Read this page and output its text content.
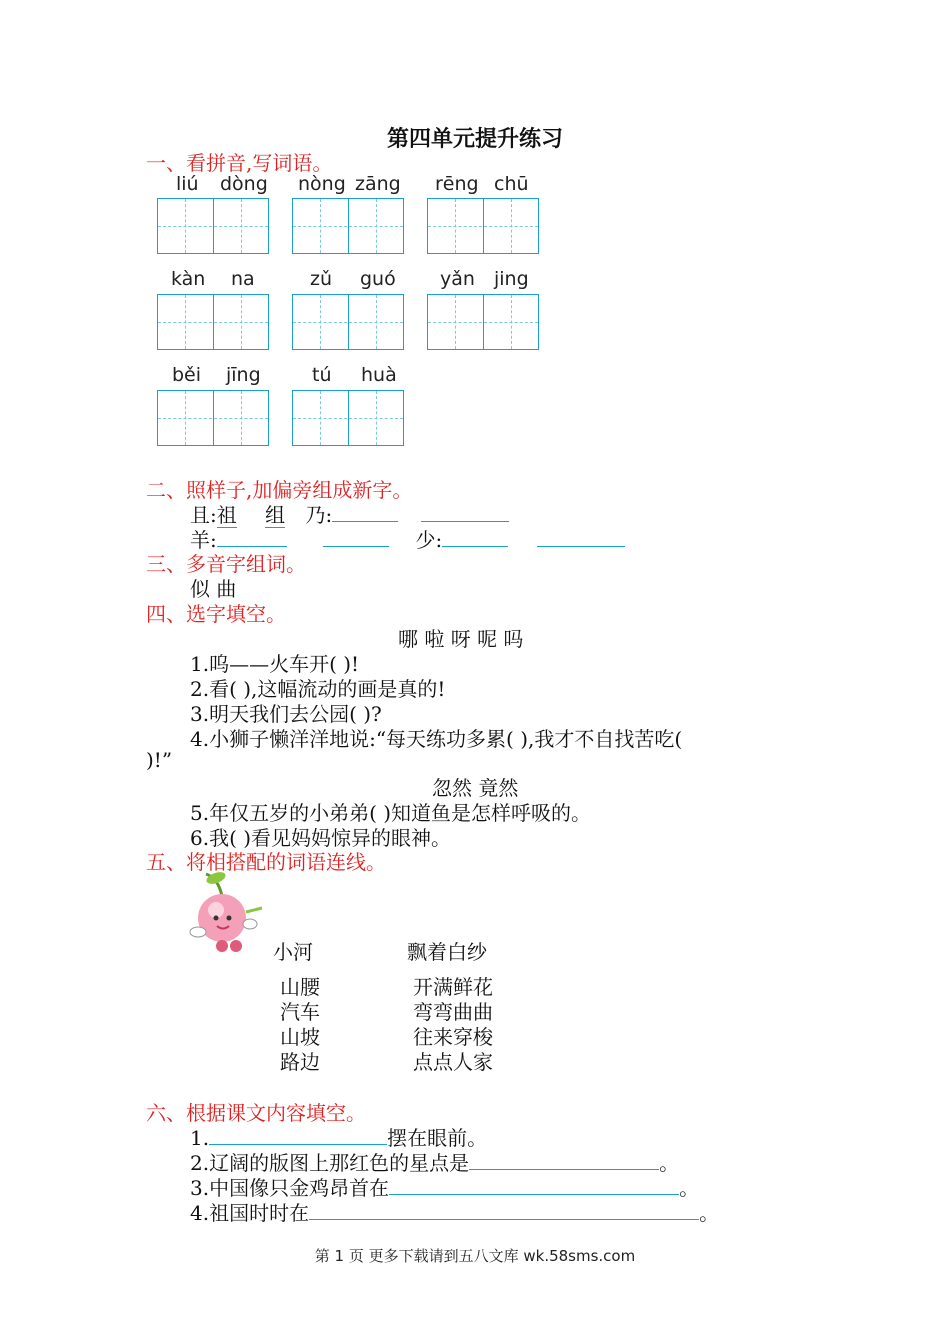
第四单元提升练习
一、看拼音,写词语。
liú dòng nòng zāng rēng chū
kàn na	zǔ guó yǎn jing
běi jīng	tú huà
二、照样子,加偏旁组成新字。
且:祖 组 乃:
羊:	少:
三、多音字组词。
似 曲
四、选字填空。
哪 啦 呀 呢 吗
1.呜——火车开( )!
2.看( ),这幅流动的画是真的!
3.明天我们去公园( )?
4.小狮子懒洋洋地说:“每天练功多累( ),我才不自找苦吃(
)!”
忽然 竟然
5.年仅五岁的小弟弟( )知道鱼是怎样呼吸的。
6.我( )看见妈妈惊异的眼神。
五、将相搭配的词语连线。
小河
山腰
汽车
山坡
路边
飘着白纱
开满鲜花
弯弯曲曲
往来穿梭
点点人家
六、根据课文内容填空。
1.	摆在眼前。
2.辽阔的版图上那红色的星点是	。
3.中国像只金鸡昂首在	。
4.祖国时时在	。
第 1 页 更多下载请到五八文库 wk.58sms.com
